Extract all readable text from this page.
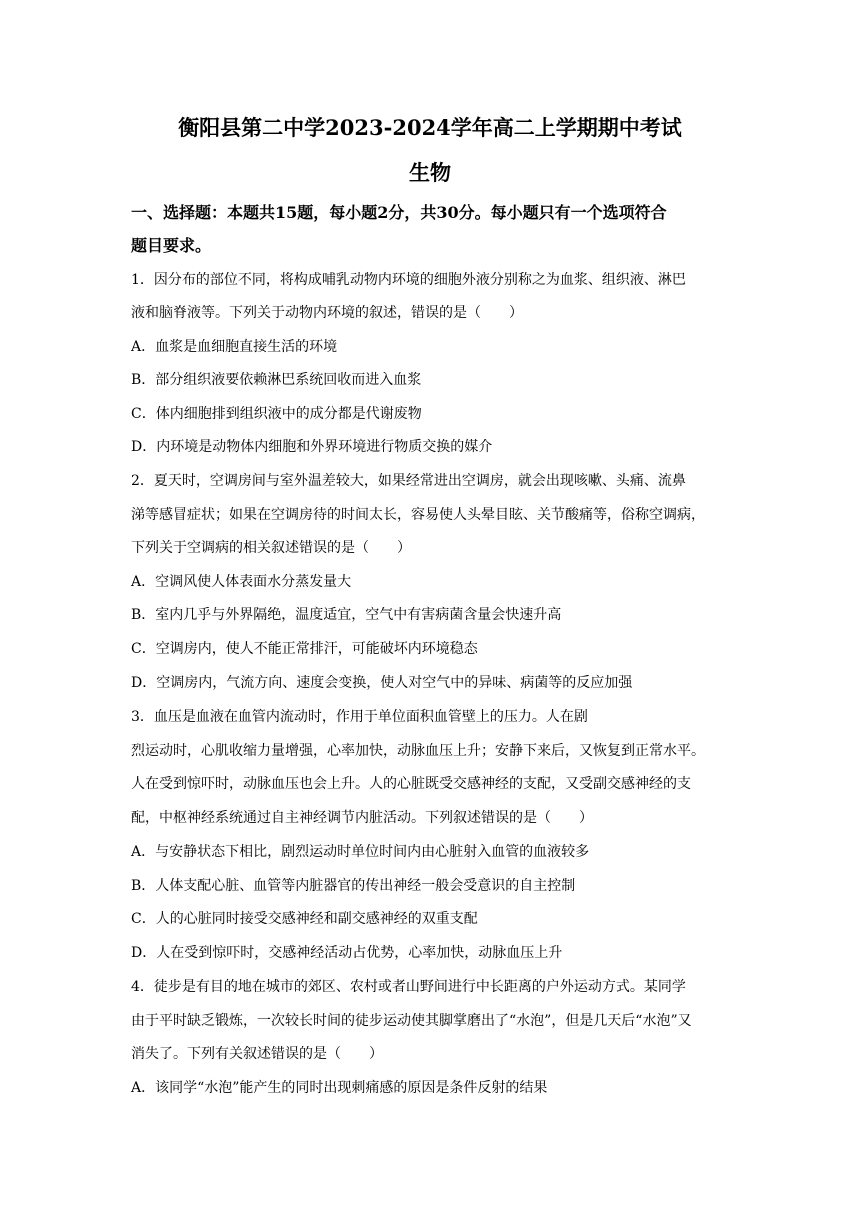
衡阳县第二中学2023-2024学年高二上学期期中考试
生物
一、选择题：本题共15题，每小题2分，共30分。每小题只有一个选项符合
题目要求。
1．因分布的部位不同，将构成哺乳动物内环境的细胞外液分别称之为血浆、组织液、淋巴
液和脑脊液等。下列关于动物内环境的叙述，错误的是（　　）
A．血浆是血细胞直接生活的环境
B．部分组织液要依赖淋巴系统回收而进入血浆
C．体内细胞排到组织液中的成分都是代谢废物
D．内环境是动物体内细胞和外界环境进行物质交换的媒介
2．夏天时，空调房间与室外温差较大，如果经常进出空调房，就会出现咳嗽、头痛、流鼻
涕等感冒症状；如果在空调房待的时间太长，容易使人头晕目眩、关节酸痛等，俗称空调病，
下列关于空调病的相关叙述错误的是（　　）
A．空调风使人体表面水分蒸发量大
B．室内几乎与外界隔绝，温度适宜，空气中有害病菌含量会快速升高
C．空调房内，使人不能正常排汗，可能破坏内环境稳态
D．空调房内，气流方向、速度会变换，使人对空气中的异味、病菌等的反应加强
3．血压是血液在血管内流动时，作用于单位面积血管壁上的压力。人在剧
烈运动时，心肌收缩力量增强，心率加快，动脉血压上升；安静下来后，又恢复到正常水平。
人在受到惊吓时，动脉血压也会上升。人的心脏既受交感神经的支配，又受副交感神经的支
配，中枢神经系统通过自主神经调节内脏活动。下列叙述错误的是（　　）
A．与安静状态下相比，剧烈运动时单位时间内由心脏射入血管的血液较多
B．人体支配心脏、血管等内脏器官的传出神经一般会受意识的自主控制
C．人的心脏同时接受交感神经和副交感神经的双重支配
D．人在受到惊吓时，交感神经活动占优势，心率加快，动脉血压上升
4．徒步是有目的地在城市的郊区、农村或者山野间进行中长距离的户外运动方式。某同学
由于平时缺乏锻炼，一次较长时间的徒步运动使其脚掌磨出了“水泡”，但是几天后“水泡”又
消失了。下列有关叙述错误的是（　　）
A．该同学“水泡”能产生的同时出现刺痛感的原因是条件反射的结果
